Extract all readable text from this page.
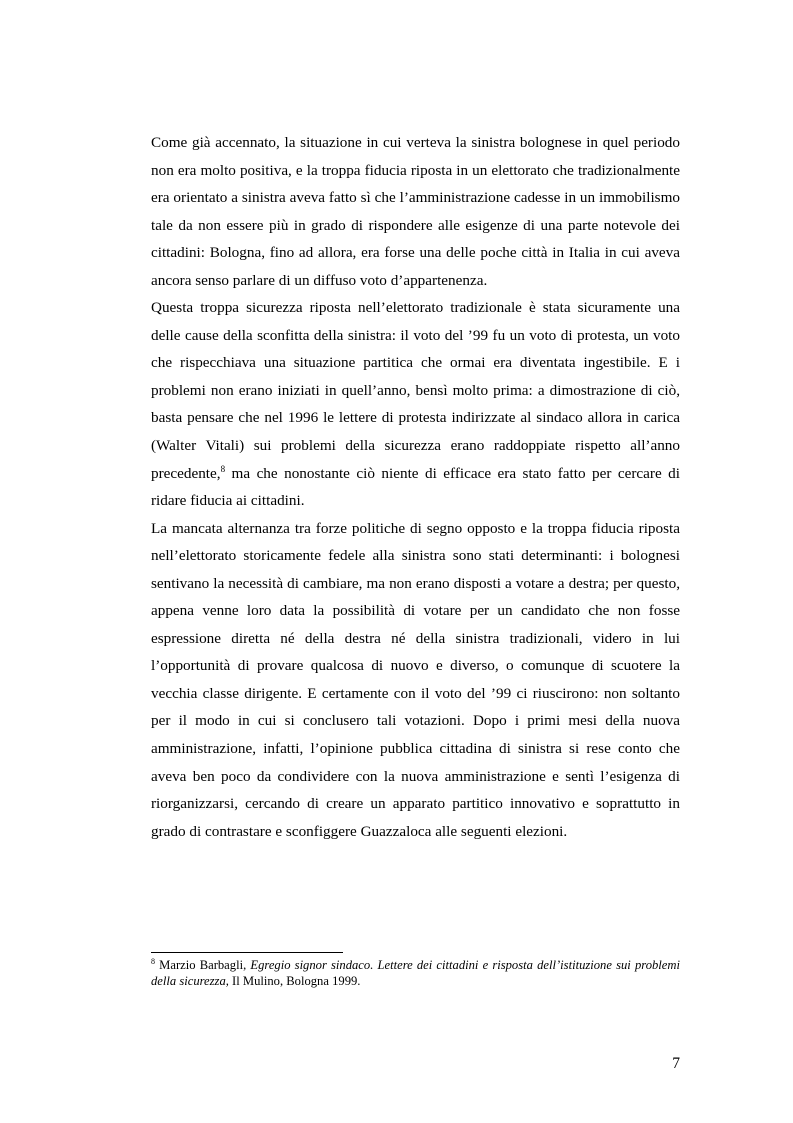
Come già accennato, la situazione in cui verteva la sinistra bolognese in quel periodo non era molto positiva, e la troppa fiducia riposta in un elettorato che tradizionalmente era orientato a sinistra aveva fatto sì che l’amministrazione cadesse in un immobilismo tale da non essere più in grado di rispondere alle esigenze di una parte notevole dei cittadini: Bologna, fino ad allora, era forse una delle poche città in Italia in cui aveva ancora senso parlare di un diffuso voto d’appartenenza.

Questa troppa sicurezza riposta nell’elettorato tradizionale è stata sicuramente una delle cause della sconfitta della sinistra: il voto del ’99 fu un voto di protesta, un voto che rispecchiava una situazione partitica che ormai era diventata ingestibile. E i problemi non erano iniziati in quell’anno, bensì molto prima: a dimostrazione di ciò, basta pensare che nel 1996 le lettere di protesta indirizzate al sindaco allora in carica (Walter Vitali) sui problemi della sicurezza erano raddoppiate rispetto all’anno precedente,$^8$ ma che nonostante ciò niente di efficace era stato fatto per cercare di ridare fiducia ai cittadini.

La mancata alternanza tra forze politiche di segno opposto e la troppa fiducia riposta nell’elettorato storicamente fedele alla sinistra sono stati determinanti: i bolognesi sentivano la necessità di cambiare, ma non erano disposti a votare a destra; per questo, appena venne loro data la possibilità di votare per un candidato che non fosse espressione diretta né della destra né della sinistra tradizionali, videro in lui l’opportunità di provare qualcosa di nuovo e diverso, o comunque di scuotere la vecchia classe dirigente. E certamente con il voto del ’99 ci riuscirono: non soltanto per il modo in cui si conclusero tali votazioni. Dopo i primi mesi della nuova amministrazione, infatti, l’opinione pubblica cittadina di sinistra si rese conto che aveva ben poco da condividere con la nuova amministrazione e sentì l’esigenza di riorganizzarsi, cercando di creare un apparato partitico innovativo e soprattutto in grado di contrastare e sconfiggere Guazzaloca alle seguenti elezioni.

$^8$ Marzio Barbagli, Egregio signor sindaco. Lettere dei cittadini e risposta dell’istituzione sui problemi della sicurezza, Il Mulino, Bologna 1999.
7
